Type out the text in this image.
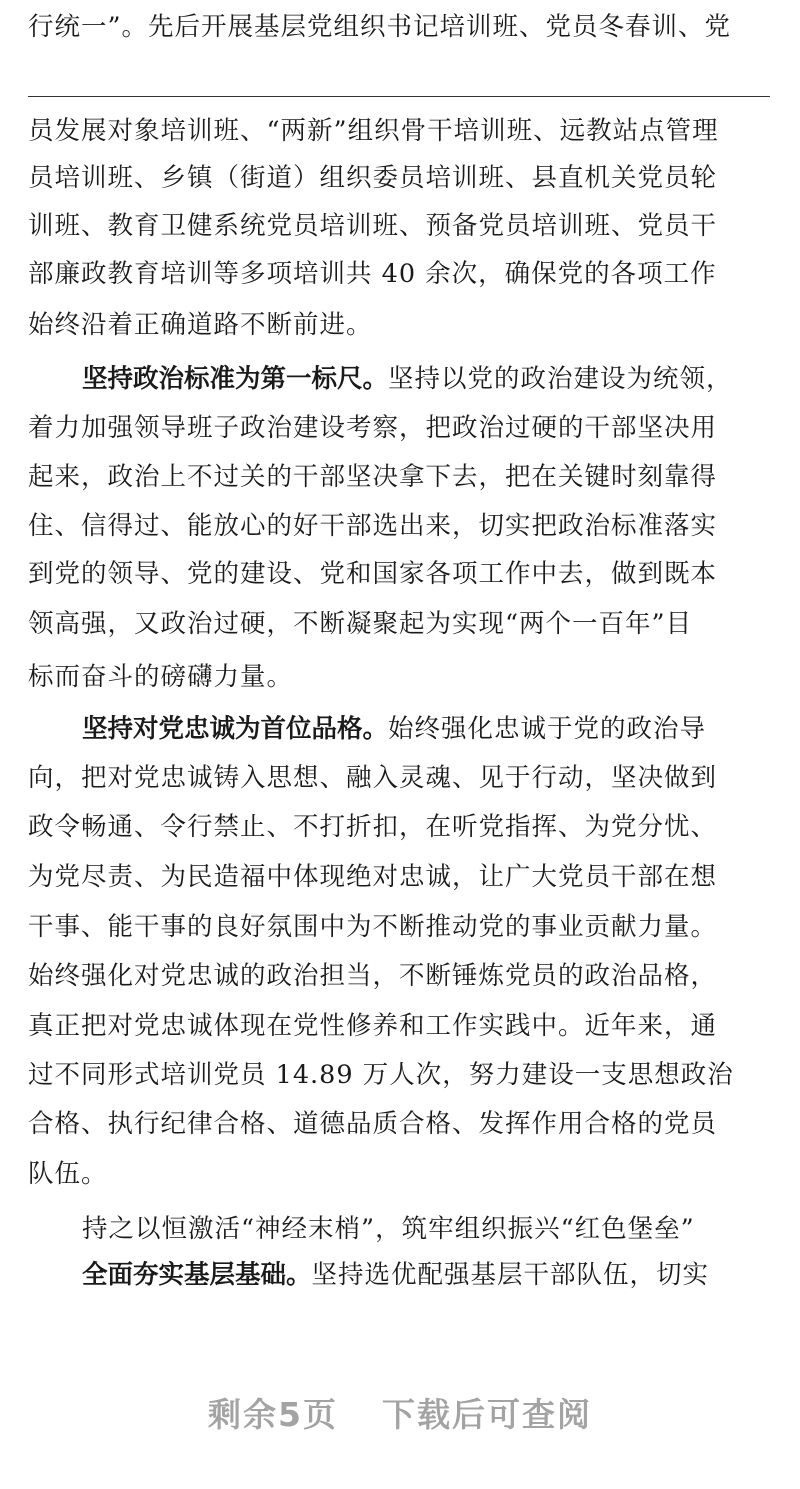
行统一”。先后开展基层党组织书记培训班、党员冬春训、党
员发展对象培训班、“两新”组织骨干培训班、远教站点管理
员培训班、乡镇（街道）组织委员培训班、县直机关党员轮
训班、教育卫健系统党员培训班、预备党员培训班、党员干
部廉政教育培训等多项培训共 40 余次，确保党的各项工作
始终沿着正确道路不断前进。
坚持政治标准为第一标尺。坚持以党的政治建设为统领，
着力加强领导班子政治建设考察，把政治过硬的干部坚决用
起来，政治上不过关的干部坚决拿下去，把在关键时刻靠得
住、信得过、能放心的好干部选出来，切实把政治标准落实
到党的领导、党的建设、党和国家各项工作中去，做到既本
领高强，又政治过硬，不断凝聚起为实现“两个一百年”目
标而奋斗的磅礴力量。
坚持对党忠诚为首位品格。始终强化忠诚于党的政治导
向，把对党忠诚铸入思想、融入灵魂、见于行动，坚决做到
政令畅通、令行禁止、不打折扣，在听党指挥、为党分忧、
为党尽责、为民造福中体现绝对忠诚，让广大党员干部在想
干事、能干事的良好氛围中为不断推动党的事业贡献力量。
始终强化对党忠诚的政治担当，不断锤炼党员的政治品格，
真正把对党忠诚体现在党性修养和工作实践中。近年来，通
过不同形式培训党员 14.89 万人次，努力建设一支思想政治
合格、执行纪律合格、道德品质合格、发挥作用合格的党员
队伍。
持之以恒激活“神经末梢”，筑牢组织振兴“红色堡垒”
全面夯实基层基础。坚持选优配强基层干部队伍，切实
剩余5页 下载后可查阅
